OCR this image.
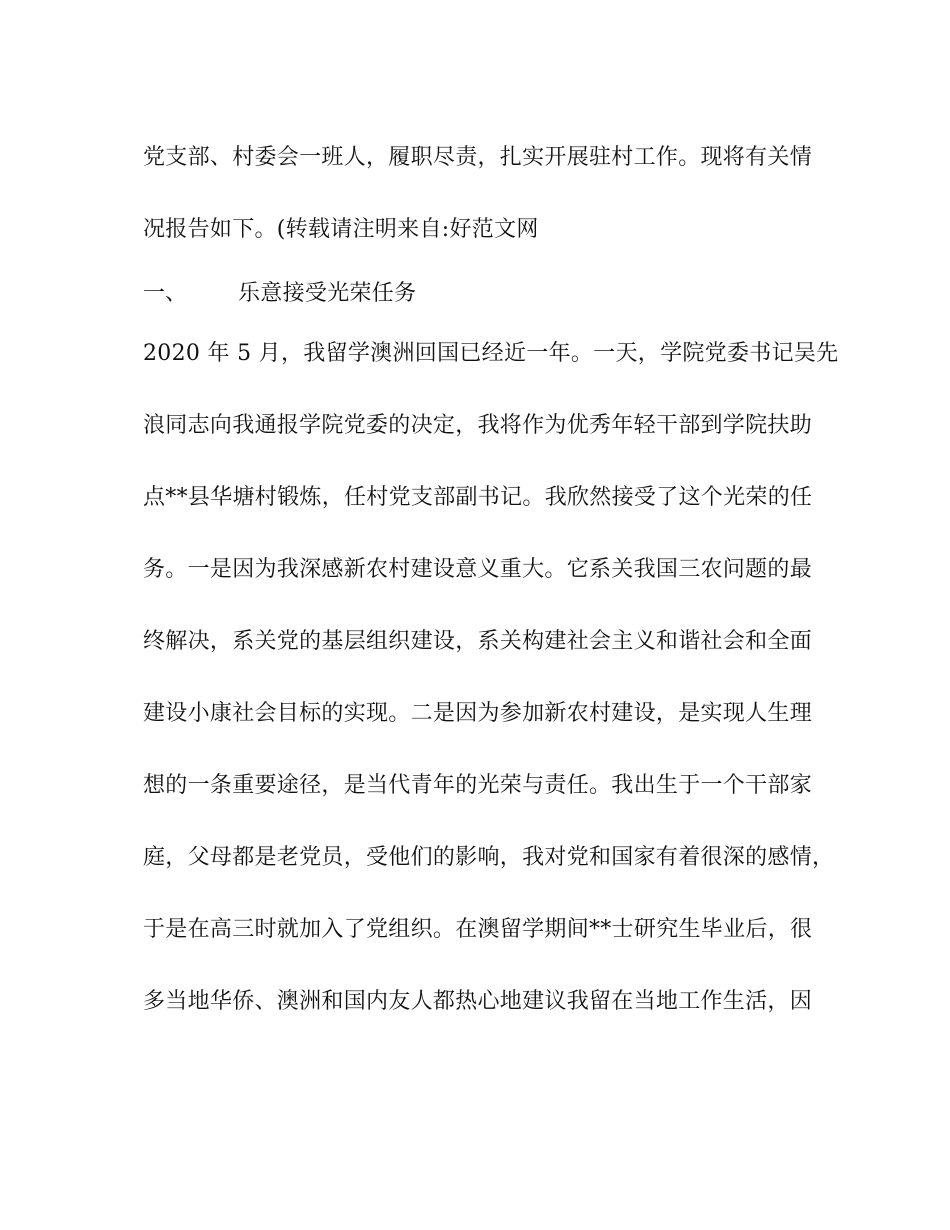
党支部、村委会一班人，履职尽责，扎实开展驻村工作。现将有关情
况报告如下。(转载请注明来自:好范文网
一、 乐意接受光荣任务
2020 年 5 月，我留学澳洲回国已经近一年。一天，学院党委书记吴先
浪同志向我通报学院党委的决定，我将作为优秀年轻干部到学院扶助
点**县华塘村锻炼，任村党支部副书记。我欣然接受了这个光荣的任
务。一是因为我深感新农村建设意义重大。它系关我国三农问题的最
终解决，系关党的基层组织建设，系关构建社会主义和谐社会和全面
建设小康社会目标的实现。二是因为参加新农村建设，是实现人生理
想的一条重要途径，是当代青年的光荣与责任。我出生于一个干部家
庭，父母都是老党员，受他们的影响，我对党和国家有着很深的感情，
于是在高三时就加入了党组织。在澳留学期间**士研究生毕业后，很
多当地华侨、澳洲和国内友人都热心地建议我留在当地工作生活，因
